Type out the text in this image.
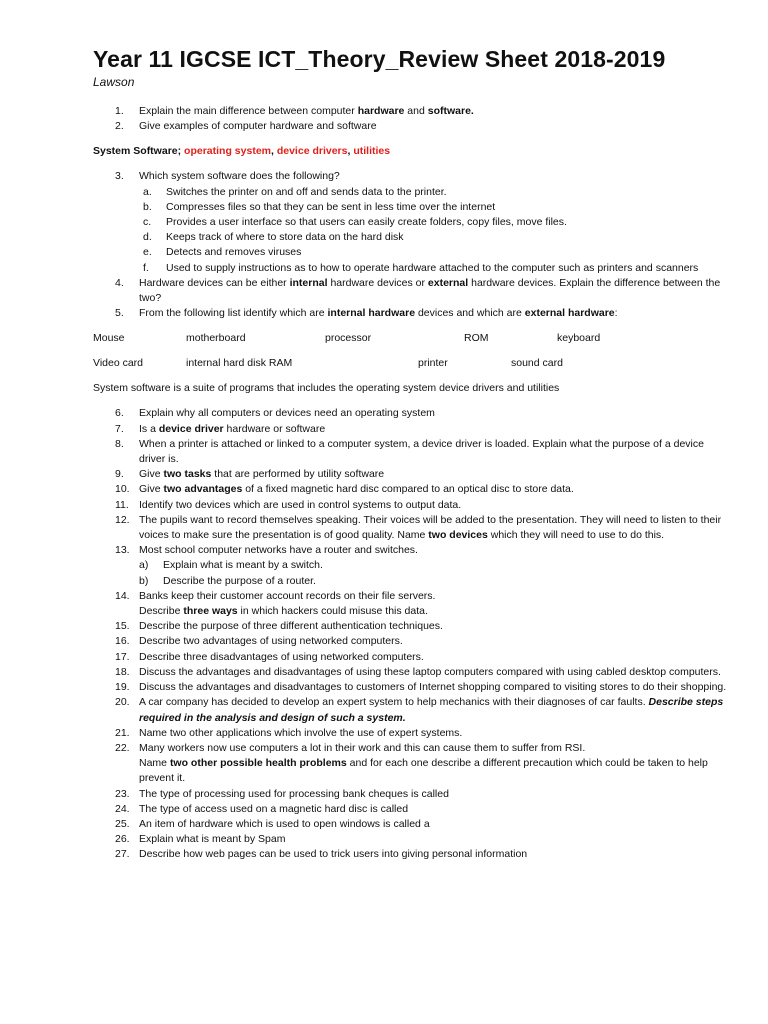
Year 11 IGCSE ICT_Theory_Review Sheet 2018-2019
Lawson
1. Explain the main difference between computer hardware and software.
2. Give examples of computer hardware and software
System Software; operating system, device drivers, utilities
3. Which system software does the following?
a. Switches the printer on and off and sends data to the printer.
b. Compresses files so that they can be sent in less time over the internet
c. Provides a user interface so that users can easily create folders, copy files, move files.
d. Keeps track of where to store data on the hard disk
e. Detects and removes viruses
f. Used to supply instructions as to how to operate hardware attached to the computer such as printers and scanners
4. Hardware devices can be either internal hardware devices or external hardware devices. Explain the difference between the two?
5. From the following list identify which are internal hardware devices and which are external hardware:
Mouse	motherboard	processor	ROM	keyboard
Video card	internal hard disk RAM	printer	sound card
System software is a suite of programs that includes the operating system device drivers and utilities
6. Explain why all computers or devices need an operating system
7. Is a device driver hardware or software
8. When a printer is attached or linked to a computer system, a device driver is loaded. Explain what the purpose of a device driver is.
9. Give two tasks that are performed by utility software
10. Give two advantages of a fixed magnetic hard disc compared to an optical disc to store data.
11. Identify two devices which are used in control systems to output data.
12. The pupils want to record themselves speaking. Their voices will be added to the presentation. They will need to listen to their voices to make sure the presentation is of good quality. Name two devices which they will need to use to do this.
13. Most school computer networks have a router and switches.
a) Explain what is meant by a switch.
b) Describe the purpose of a router.
14. Banks keep their customer account records on their file servers.
Describe three ways in which hackers could misuse this data.
15. Describe the purpose of three different authentication techniques.
16. Describe two advantages of using networked computers.
17. Describe three disadvantages of using networked computers.
18. Discuss the advantages and disadvantages of using these laptop computers compared with using cabled desktop computers.
19. Discuss the advantages and disadvantages to customers of Internet shopping compared to visiting stores to do their shopping.
20. A car company has decided to develop an expert system to help mechanics with their diagnoses of car faults. Describe steps required in the analysis and design of such a system.
21. Name two other applications which involve the use of expert systems.
22. Many workers now use computers a lot in their work and this can cause them to suffer from RSI.
Name two other possible health problems and for each one describe a different precaution which could be taken to help prevent it.
23. The type of processing used for processing bank cheques is called
24. The type of access used on a magnetic hard disc is called
25. An item of hardware which is used to open windows is called a
26. Explain what is meant by Spam
27. Describe how web pages can be used to trick users into giving personal information
